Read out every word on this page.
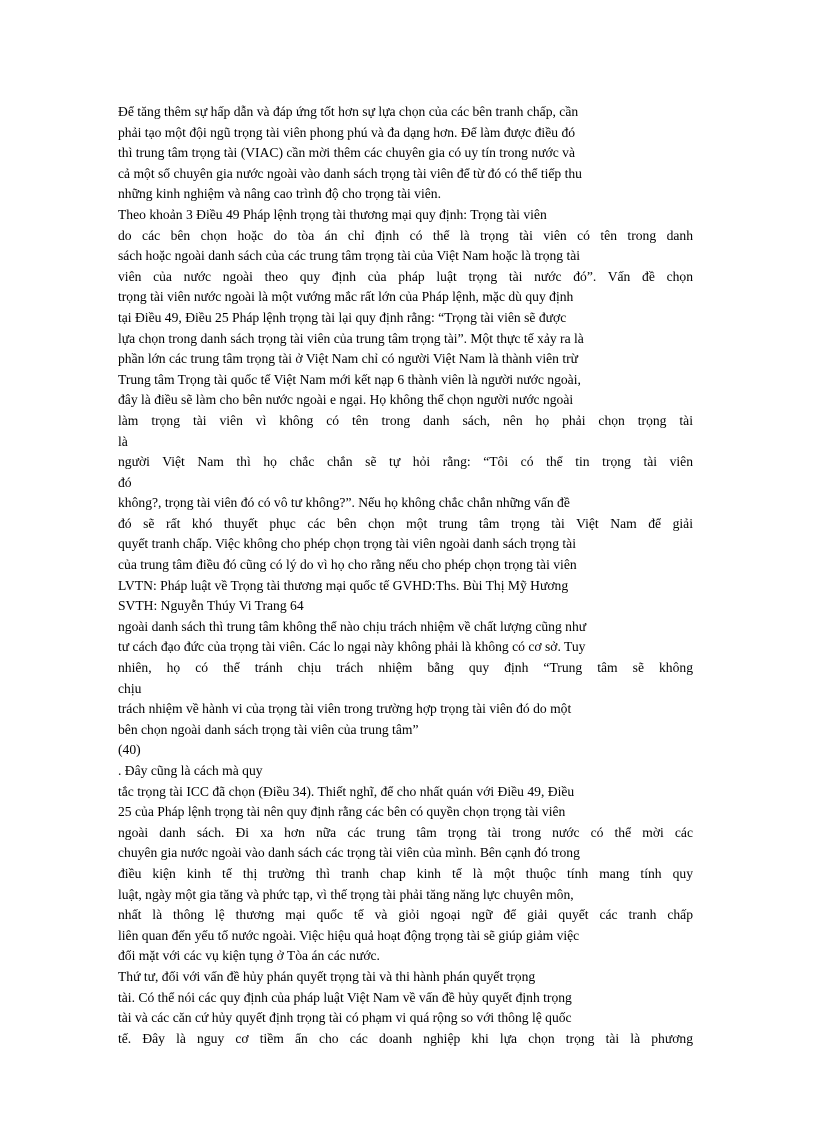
Để tăng thêm sự hấp dẫn và đáp ứng tốt hơn sự lựa chọn của các bên tranh chấp, cần
phải tạo một đội ngũ trọng tài viên phong phú và đa dạng hơn. Để làm được điều đó
thì trung tâm trọng tài (VIAC) cần mời thêm các chuyên gia có uy tín trong nước và
cả một số chuyên gia nước ngoài vào danh sách trọng tài viên để từ đó có thể tiếp thu
những kinh nghiệm và nâng cao trình độ cho trọng tài viên.
Theo khoản 3 Điều 49 Pháp lệnh trọng tài thương mại quy định: Trọng tài viên
do các bên chọn hoặc do tòa án chỉ định có thể là trọng tài viên có tên trong danh
sách hoặc ngoài danh sách của các trung tâm trọng tài của Việt Nam hoặc là trọng tài
viên của nước ngoài theo quy định của pháp luật trọng tài nước đó”. Vấn đề chọn
trọng tài viên nước ngoài là một vướng mắc rất lớn của Pháp lệnh, mặc dù quy định
tại Điều 49, Điều 25 Pháp lệnh trọng tài lại quy định rằng: “Trọng tài viên sẽ được
lựa chọn trong danh sách trọng tài viên của trung tâm trọng tài”. Một thực tế xảy ra là
phần lớn các trung tâm trọng tài ở Việt Nam chỉ có người Việt Nam là thành viên trừ
Trung tâm Trọng tài quốc tế Việt Nam mới kết nạp 6 thành viên là người nước ngoài,
đây là điều sẽ làm cho bên nước ngoài e ngại. Họ không thể chọn người nước ngoài
làm trọng tài viên vì không có tên trong danh sách, nên họ phải chọn trọng tài
là
người Việt Nam thì họ chắc chắn sẽ tự hỏi rằng: “Tôi có thể tin trọng tài viên
đó
không?, trọng tài viên đó có vô tư không?”. Nếu họ không chắc chắn những vấn đề
đó sẽ rất khó thuyết phục các bên chọn một trung tâm trọng tài Việt Nam để giải
quyết tranh chấp. Việc không cho phép chọn trọng tài viên ngoài danh sách trọng tài
của trung tâm điều đó cũng có lý do vì họ cho rằng nếu cho phép chọn trọng tài viên
LVTN: Pháp luật về Trọng tài thương mại quốc tế GVHD:Ths. Bùi Thị Mỹ Hương
SVTH: Nguyễn Thúy Vi Trang 64
ngoài danh sách thì trung tâm không thể nào chịu trách nhiệm về chất lượng cũng như
tư cách đạo đức của trọng tài viên. Các lo ngại này không phải là không có cơ sở. Tuy
nhiên, họ có thể tránh chịu trách nhiệm bằng quy định “Trung tâm sẽ không
chịu
trách nhiệm về hành vi của trọng tài viên trong trường hợp trọng tài viên đó do một
bên chọn ngoài danh sách trọng tài viên của trung tâm”
(40)
. Đây cũng là cách mà quy
tắc trọng tài ICC đã chọn (Điều 34). Thiết nghĩ, để cho nhất quán với Điều 49, Điều
25 của Pháp lệnh trọng tài nên quy định rằng các bên có quyền chọn trọng tài viên
ngoài danh sách. Đi xa hơn nữa các trung tâm trọng tài trong nước có thể mời các
chuyên gia nước ngoài vào danh sách các trọng tài viên của mình. Bên cạnh đó trong
điều kiện kinh tế thị trường thì tranh chap kinh tế là một thuộc tính mang tính quy
luật, ngày một gia tăng và phức tạp, vì thế trọng tài phải tăng năng lực chuyên môn,
nhất là thông lệ thương mại quốc tế và giỏi ngoại ngữ để giải quyết các tranh chấp
liên quan đến yếu tố nước ngoài. Việc hiệu quả hoạt động trọng tài sẽ giúp giảm việc
đối mặt với các vụ kiện tụng ở Tòa án các nước.
Thứ tư, đối với vấn đề hủy phán quyết trọng tài và thi hành phán quyết trọng
tài. Có thể nói các quy định của pháp luật Việt Nam về vấn đề hủy quyết định trọng
tài và các căn cứ hủy quyết định trọng tài có phạm vi quá rộng so với thông lệ quốc
tế. Đây là nguy cơ tiềm ẩn cho các doanh nghiệp khi lựa chọn trọng tài là phương
